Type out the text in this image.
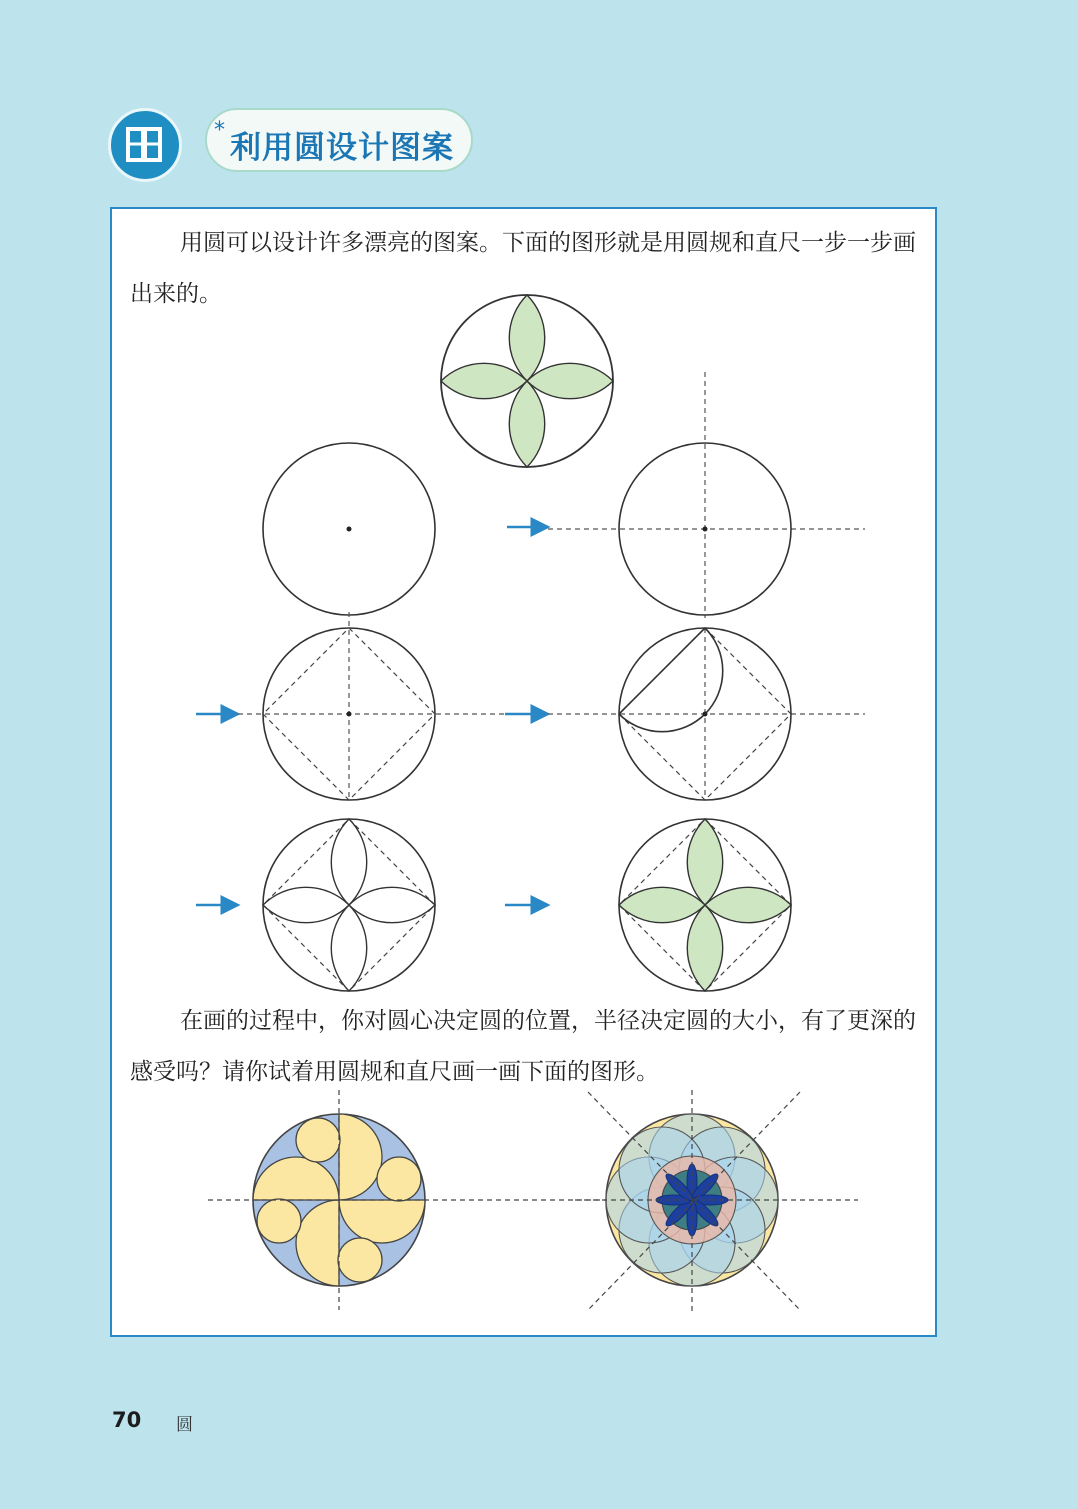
* 利用圆设计图案

用圆可以设计许多漂亮的图案。下面的图形就是用圆规和直尺一步一步画出来的。

在画的过程中，你对圆心决定圆的位置，半径决定圆的大小，有了更深的感受吗？请你试着用圆规和直尺画一画下面的图形。

70 圆
